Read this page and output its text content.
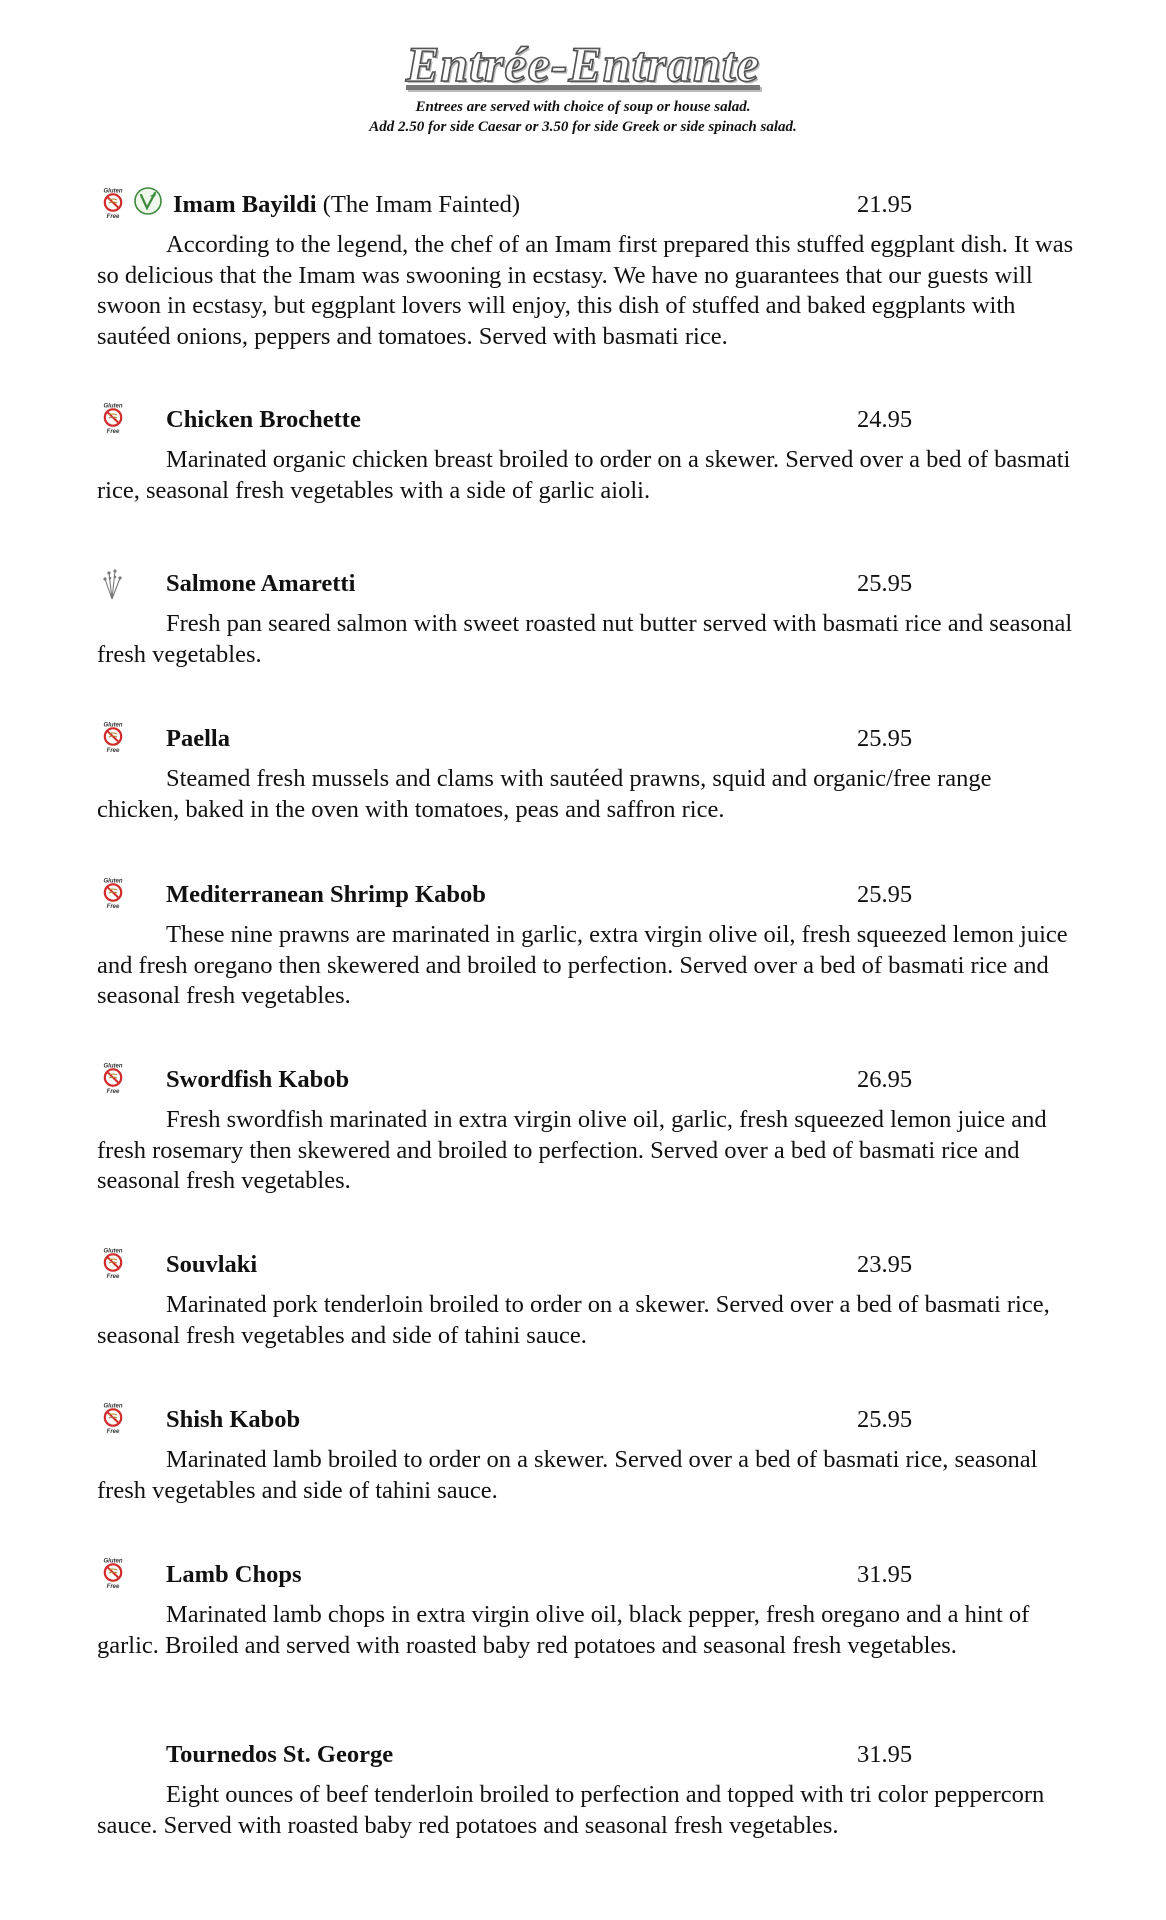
Entrée-Entrante
Entrees are served with choice of soup or house salad.
Add 2.50 for side Caesar or 3.50 for side Greek or side spinach salad.
Gluten
Free Imam Bayildi (The Imam Fainted)	21.95

According to the legend, the chef of an Imam first prepared this stuffed eggplant dish. It was so delicious that the Imam was swooning in ecstasy. We have no guarantees that our guests will swoon in ecstasy, but eggplant lovers will enjoy, this dish of stuffed and baked eggplants with sautéed onions, peppers and tomatoes. Served with basmati rice.

Gluten
Free Chicken Brochette	24.95

Marinated organic chicken breast broiled to order on a skewer. Served over a bed of basmati rice, seasonal fresh vegetables with a side of garlic aioli.

Salmone Amaretti	25.95

Fresh pan seared salmon with sweet roasted nut butter served with basmati rice and seasonal fresh vegetables.

Gluten
Free Paella	25.95

Steamed fresh mussels and clams with sautéed prawns, squid and organic/free range chicken, baked in the oven with tomatoes, peas and saffron rice.

Gluten
Free Mediterranean Shrimp Kabob	25.95

These nine prawns are marinated in garlic, extra virgin olive oil, fresh squeezed lemon juice and fresh oregano then skewered and broiled to perfection. Served over a bed of basmati rice and seasonal fresh vegetables.

Gluten
Free Swordfish Kabob	26.95

Fresh swordfish marinated in extra virgin olive oil, garlic, fresh squeezed lemon juice and fresh rosemary then skewered and broiled to perfection. Served over a bed of basmati rice and seasonal fresh vegetables.

Gluten
Free Souvlaki	23.95

Marinated pork tenderloin broiled to order on a skewer. Served over a bed of basmati rice, seasonal fresh vegetables and side of tahini sauce.

Gluten
Free Shish Kabob	25.95

Marinated lamb broiled to order on a skewer. Served over a bed of basmati rice, seasonal fresh vegetables and side of tahini sauce.

Gluten
Free Lamb Chops	31.95

Marinated lamb chops in extra virgin olive oil, black pepper, fresh oregano and a hint of garlic. Broiled and served with roasted baby red potatoes and seasonal fresh vegetables.

Tournedos St. George	31.95

Eight ounces of beef tenderloin broiled to perfection and topped with tri color peppercorn sauce. Served with roasted baby red potatoes and seasonal fresh vegetables.
